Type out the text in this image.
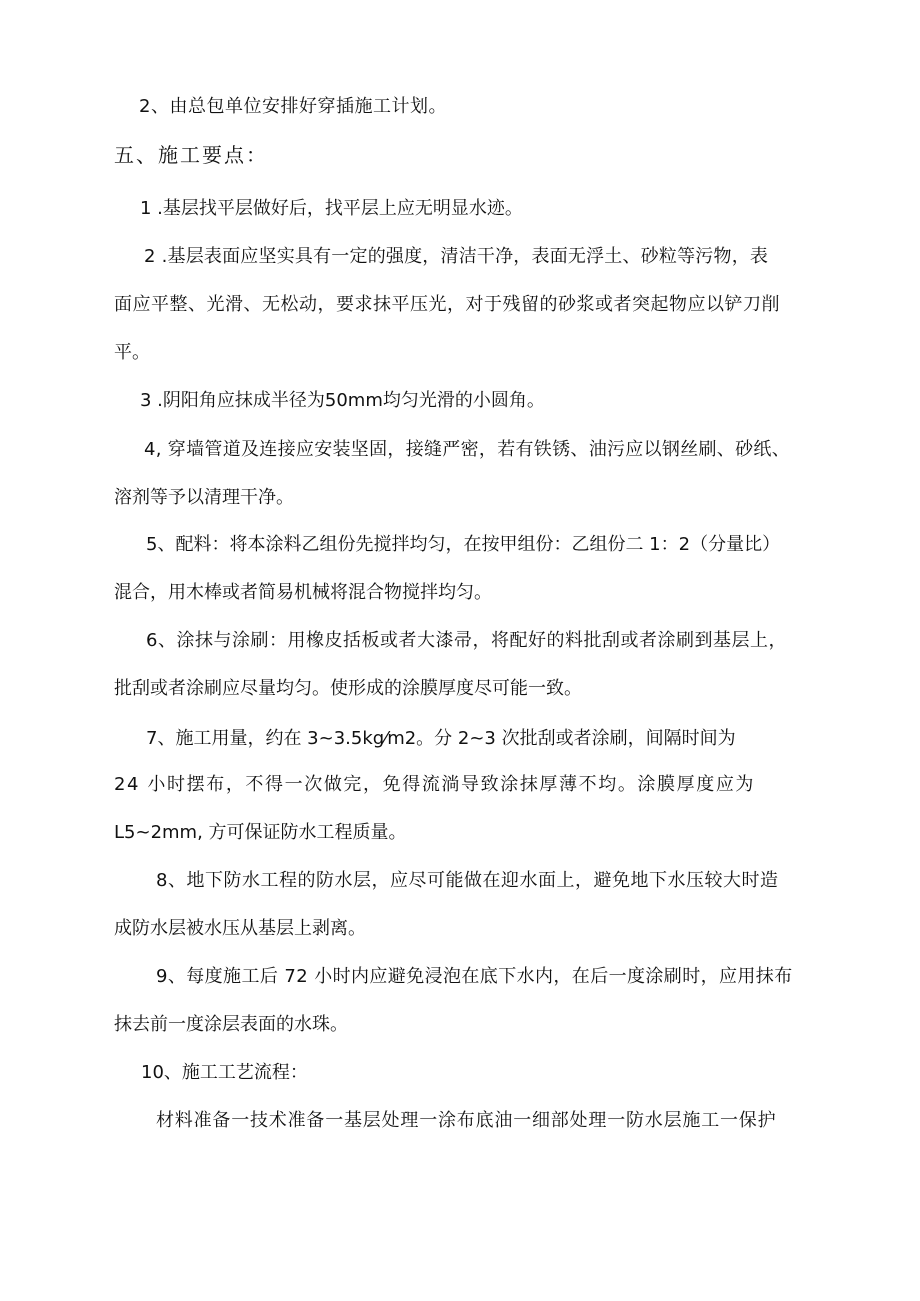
2、由总包单位安排好穿插施工计划。
五、施工要点：
1 .基层找平层做好后，找平层上应无明显水迹。
2 .基层表面应坚实具有一定的强度，清洁干净，表面无浮土、砂粒等污物，表
面应平整、光滑、无松动，要求抹平压光，对于残留的砂浆或者突起物应以铲刀削
平。
3 .阴阳角应抹成半径为50mm均匀光滑的小圆角。
4, 穿墙管道及连接应安装坚固，接缝严密，若有铁锈、油污应以钢丝刷、砂纸、
溶剂等予以清理干净。
5、配料：将本涂料乙组份先搅拌均匀，在按甲组份：乙组份二 1：2（分量比）
混合，用木棒或者简易机械将混合物搅拌均匀。
6、涂抹与涂刷：用橡皮括板或者大漆帚，将配好的料批刮或者涂刷到基层上，
批刮或者涂刷应尽量均匀。使形成的涂膜厚度尽可能一致。
7、施工用量，约在 3~3.5kg⁄m2。分 2~3 次批刮或者涂刷，间隔时间为
24 小时摆布，不得一次做完，免得流淌导致涂抹厚薄不均。涂膜厚度应为
L5~2mm, 方可保证防水工程质量。
8、地下防水工程的防水层，应尽可能做在迎水面上，避免地下水压较大时造
成防水层被水压从基层上剥离。
9、每度施工后 72 小时内应避免浸泡在底下水内，在后一度涂刷时，应用抹布
抹去前一度涂层表面的水珠。
10、施工工艺流程：
材料准备一技术准备一基层处理一涂布底油一细部处理一防水层施工一保护
